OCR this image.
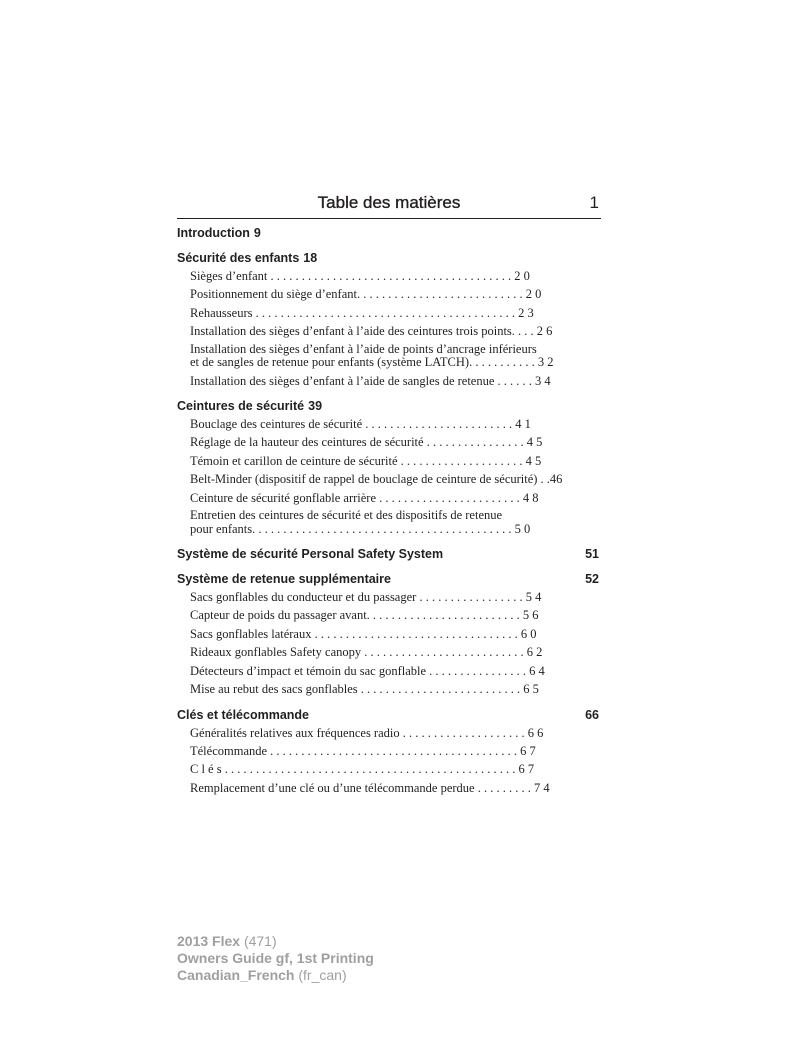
Table des matières	1
Introduction 9
Sécurité des enfants 18
Sièges d’enfant . . . . . . . . . . . . . . . . . . . . . . . . . . . . . . . . . . . . . . . 2 0
Positionnement du siège d’enfant. . . . . . . . . . . . . . . . . . . . . . . . . . . 2 0
Rehausseurs . . . . . . . . . . . . . . . . . . . . . . . . . . . . . . . . . . . . . . . . . . 2 3
Installation des sièges d’enfant à l’aide des ceintures trois points. . . . 2 6
Installation des sièges d’enfant à l’aide de points d’ancrage inférieurs
et de sangles de retenue pour enfants (système LATCH). . . . . . . . . . . 3 2
Installation des sièges d’enfant à l’aide de sangles de retenue . . . . . . 3 4
Ceintures de sécurité 39
Bouclage des ceintures de sécurité . . . . . . . . . . . . . . . . . . . . . . . . 4 1
Réglage de la hauteur des ceintures de sécurité . . . . . . . . . . . . . . . . 4 5
Témoin et carillon de ceinture de sécurité . . . . . . . . . . . . . . . . . . . . 4 5
Belt-Minder (dispositif de rappel de bouclage de ceinture de sécurité) . .46
Ceinture de sécurité gonflable arrière . . . . . . . . . . . . . . . . . . . . . . . 4 8
Entretien des ceintures de sécurité et des dispositifs de retenue
pour enfants. . . . . . . . . . . . . . . . . . . . . . . . . . . . . . . . . . . . . . . . . . 5 0
Système de sécurité Personal Safety System	51
Système de retenue supplémentaire	52
Sacs gonflables du conducteur et du passager . . . . . . . . . . . . . . . . . 5 4
Capteur de poids du passager avant. . . . . . . . . . . . . . . . . . . . . . . . . 5 6
Sacs gonflables latéraux . . . . . . . . . . . . . . . . . . . . . . . . . . . . . . . . . 6 0
Rideaux gonflables Safety canopy . . . . . . . . . . . . . . . . . . . . . . . . . . 6 2
Détecteurs d’impact et témoin du sac gonflable . . . . . . . . . . . . . . . . 6 4
Mise au rebut des sacs gonflables . . . . . . . . . . . . . . . . . . . . . . . . . . 6 5
Clés et télécommande	66
Généralités relatives aux fréquences radio . . . . . . . . . . . . . . . . . . . . 6 6
Télécommande . . . . . . . . . . . . . . . . . . . . . . . . . . . . . . . . . . . . . . . . 6 7
C l é s . . . . . . . . . . . . . . . . . . . . . . . . . . . . . . . . . . . . . . . . . . . . . . . 6 7
Remplacement d’une clé ou d’une télécommande perdue . . . . . . . . . 7 4
2013 Flex (471)
Owners Guide gf, 1st Printing
Canadian_French (fr_can)
